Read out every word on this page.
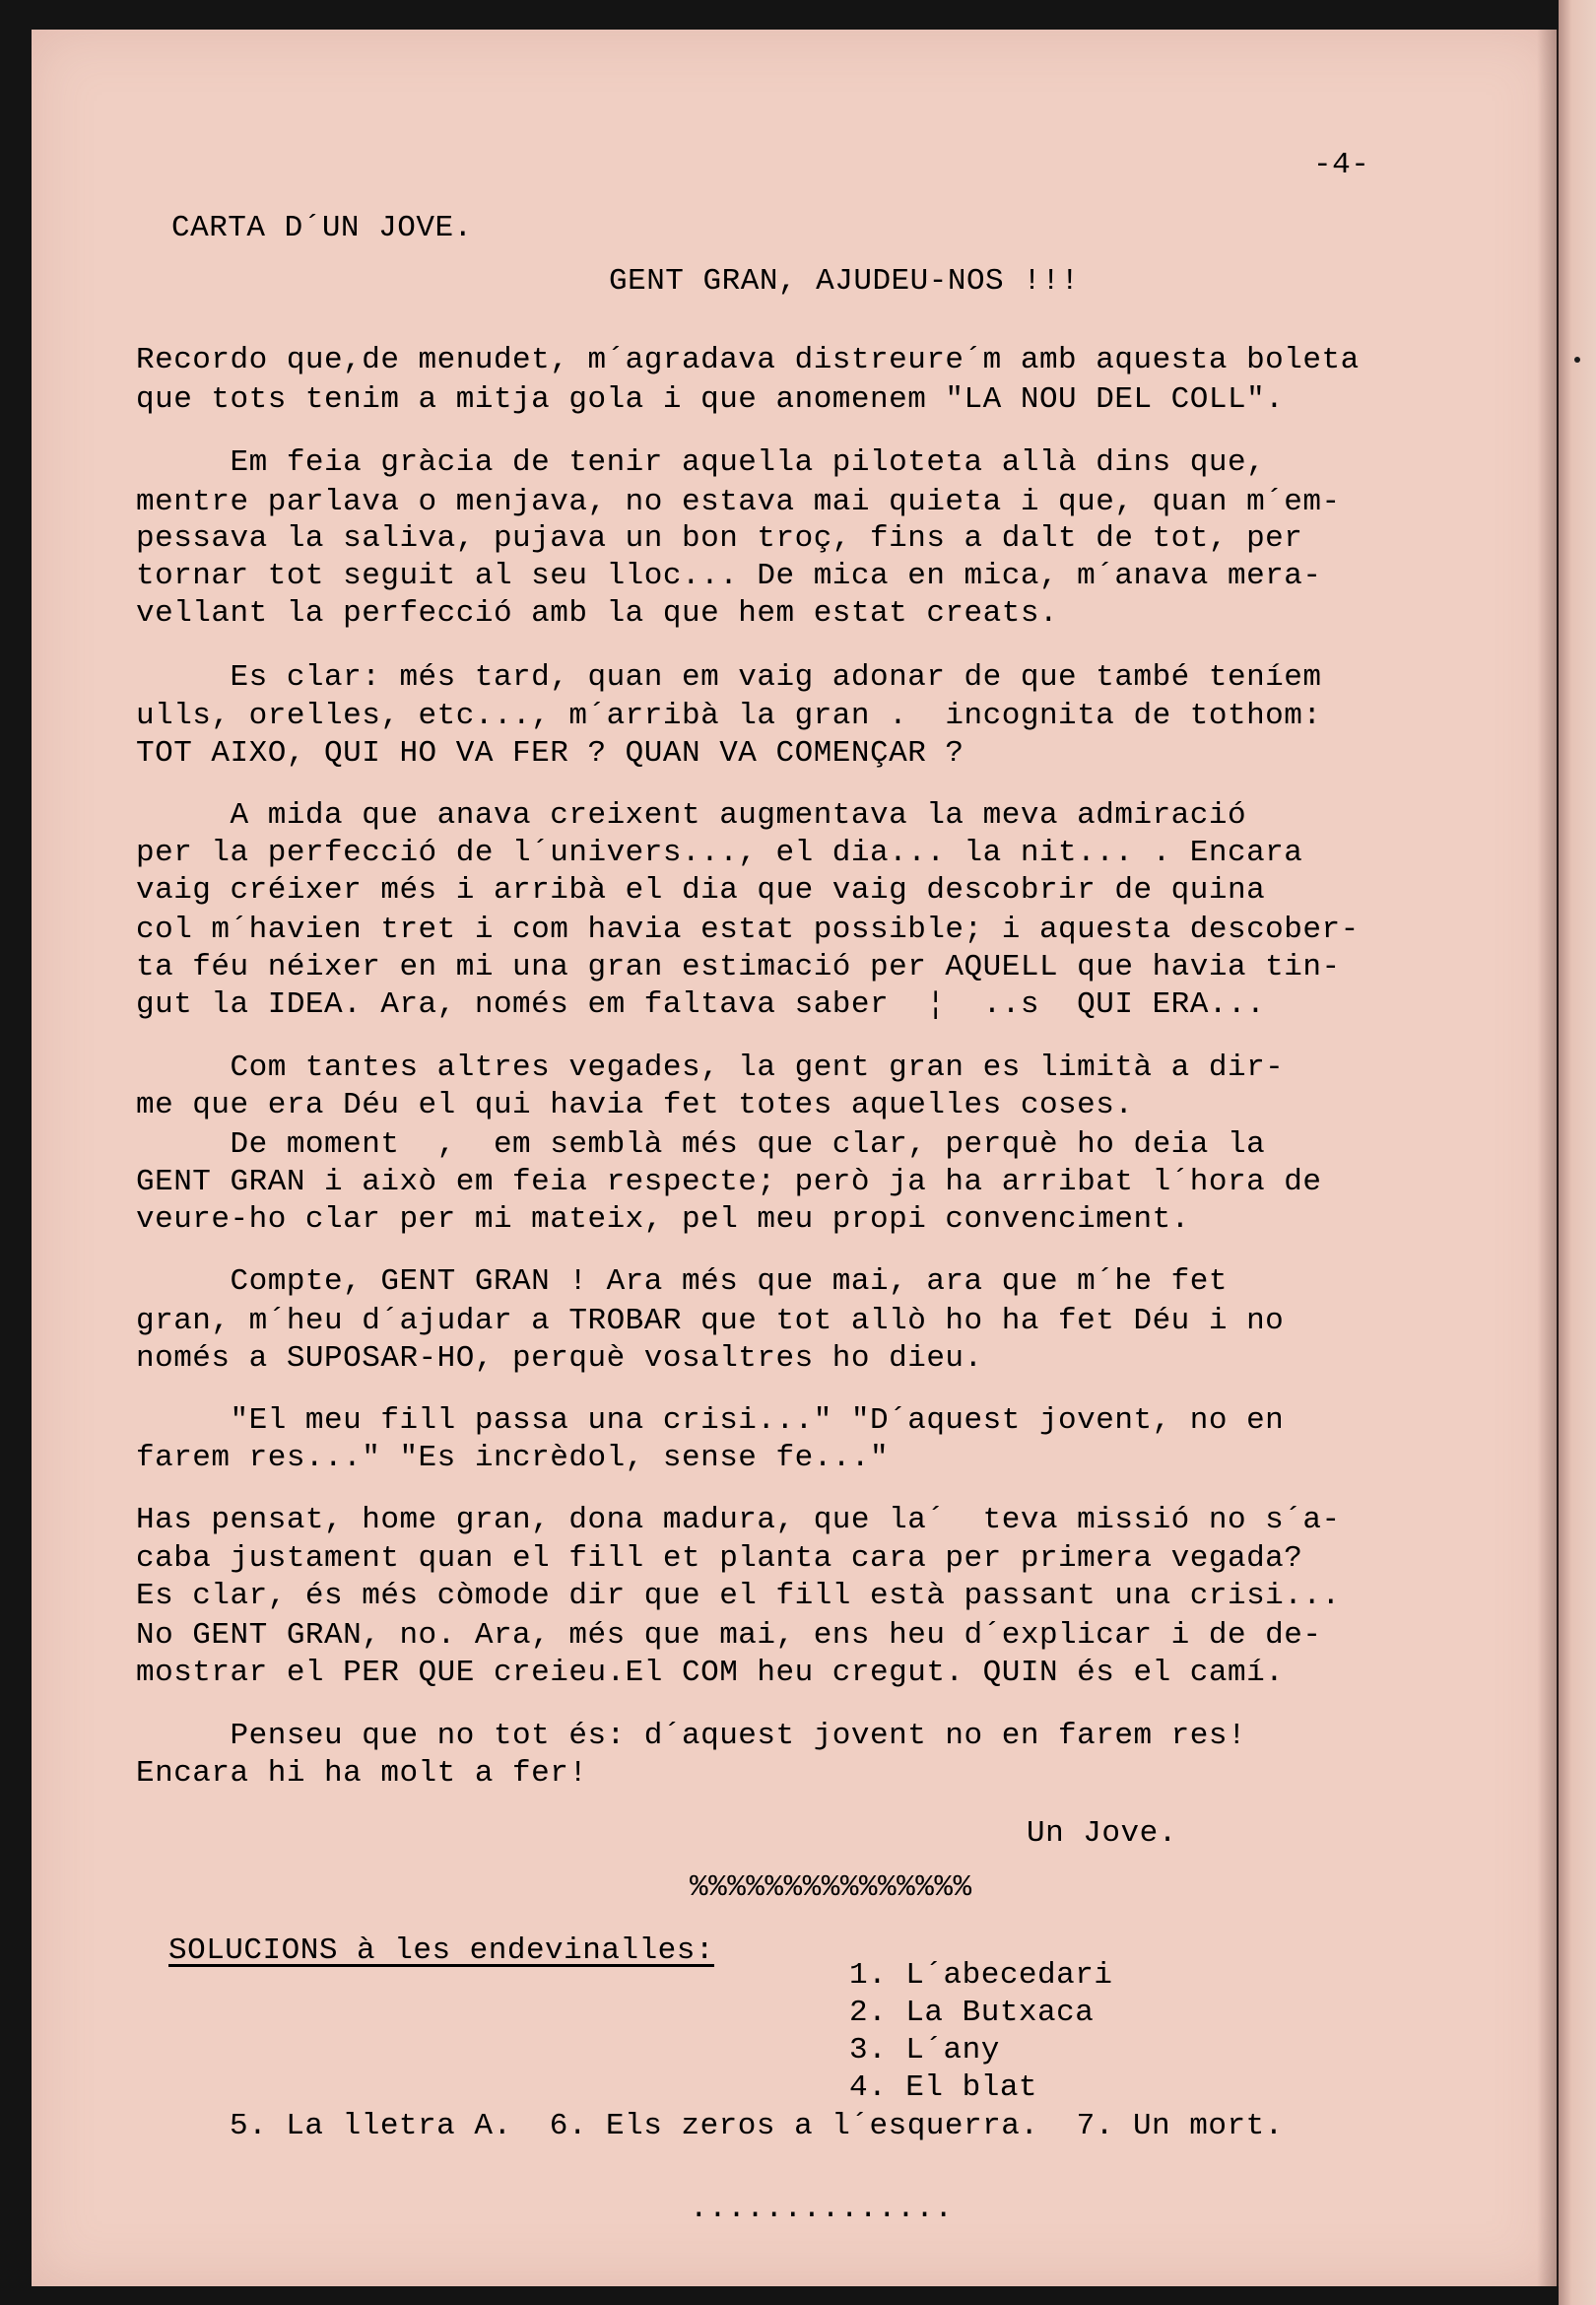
-4-
CARTA D´UN JOVE.
GENT GRAN, AJUDEU-NOS !!!
Recordo que,de menudet, m´agradava distreure´m amb aquesta boleta
que tots tenim a mitja gola i que anomenem "LA NOU DEL COLL".
Em feia gràcia de tenir aquella piloteta allà dins que,
mentre parlava o menjava, no estava mai quieta i que, quan m´em-
pessava la saliva, pujava un bon troç, fins a dalt de tot, per
tornar tot seguit al seu lloc... De mica en mica, m´anava mera-
vellant la perfecció amb la que hem estat creats.
Es clar: més tard, quan em vaig adonar de que també teníem
ulls, orelles, etc..., m´arribà la gran .  incognita de tothom:
TOT AIXO, QUI HO VA FER ? QUAN VA COMENÇAR ?
A mida que anava creixent augmentava la meva admiració
per la perfecció de l´univers..., el dia... la nit... . Encara
vaig créixer més i arribà el dia que vaig descobrir de quina
col m´havien tret i com havia estat possible; i aquesta descober-
ta féu néixer en mi una gran estimació per AQUELL que havia tin-
gut la IDEA. Ara, només em faltava saber  ¦  ..s  QUI ERA...
Com tantes altres vegades, la gent gran es limità a dir-
me que era Déu el qui havia fet totes aquelles coses.
De moment  ,  em semblà més que clar, perquè ho deia la
GENT GRAN i això em feia respecte; però ja ha arribat l´hora de
veure-ho clar per mi mateix, pel meu propi convenciment.
Compte, GENT GRAN ! Ara més que mai, ara que m´he fet
gran, m´heu d´ajudar a TROBAR que tot allò ho ha fet Déu i no
només a SUPOSAR-HO, perquè vosaltres ho dieu.
"El meu fill passa una crisi..." "D´aquest jovent, no en
farem res..." "Es incrèdol, sense fe..."
Has pensat, home gran, dona madura, que la´  teva missió no s´a-
caba justament quan el fill et planta cara per primera vegada?
Es clar, és més còmode dir que el fill està passant una crisi...
No GENT GRAN, no. Ara, més que mai, ens heu d´explicar i de de-
mostrar el PER QUE creieu.El COM heu cregut. QUIN és el camí.
Penseu que no tot és: d´aquest jovent no en farem res!
Encara hi ha molt a fer!
Un Jove.
%%%%%%%%%%%%%%%
SOLUCIONS à les endevinalles:
1. L´abecedari
2. La Butxaca
3. L´any
4. El blat
5. La lletra A.  6. Els zeros a l´esquerra.  7. Un mort.
..............
